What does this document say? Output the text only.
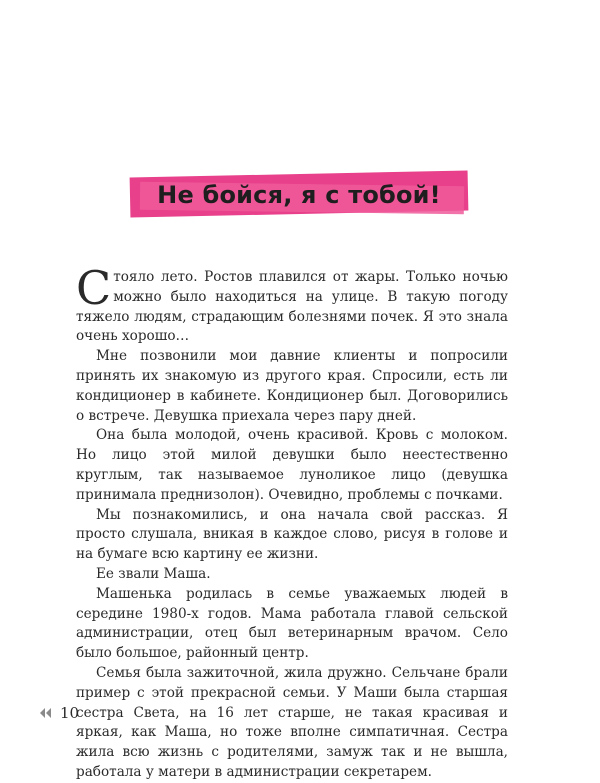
Не бойся, я с тобой!

Стояло лето. Ростов плавился от жары. Только ночью можно было находиться на улице. В такую погоду тяжело людям, страдающим болезнями почек. Я это знала очень хорошо…

Мне позвонили мои давние клиенты и попросили принять их знакомую из другого края. Спросили, есть ли кондиционер в кабинете. Кондиционер был. Договорились о встрече. Девушка приехала через пару дней.

Она была молодой, очень красивой. Кровь с молоком. Но лицо этой милой девушки было неестественно круглым, так называемое луноликое лицо (девушка принимала преднизолон). Очевидно, проблемы с почками.

Мы познакомились, и она начала свой рассказ. Я просто слушала, вникая в каждое слово, рисуя в голове и на бумаге всю картину ее жизни.

Ее звали Маша.

Машенька родилась в семье уважаемых людей в середине 1980-х годов. Мама работала главой сельской администрации, отец был ветеринарным врачом. Село было большое, районный центр.

Семья была зажиточной, жила дружно. Сельчане брали пример с этой прекрасной семьи. У Маши была старшая сестра Света, на 16 лет старше, не такая красивая и яркая, как Маша, но тоже вполне симпатичная. Сестра жила всю жизнь с родителями, замуж так и не вышла, работала у матери в администрации секретарем.

10
